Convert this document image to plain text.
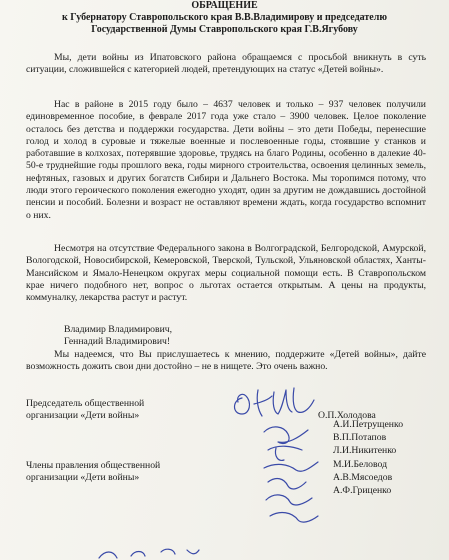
ОБРАЩЕНИЕ
к Губернатору Ставропольского края В.В.Владимирову и председателю
Государственной Думы Ставропольского края Г.В.Ягубову

Мы, дети войны из Ипатовского района обращаемся с просьбой вникнуть в суть ситуации, сложившейся с категорией людей, претендующих на статус «Детей войны».

Нас в районе в 2015 году было – 4637 человек и только – 937 человек получили единовременное пособие, в феврале 2017 года уже стало – 3900 человек. Целое поколение осталось без детства и поддержки государства. Дети войны – это дети Победы, перенесшие голод и холод в суровые и тяжелые военные и послевоенные годы, стоявшие у станков и работавшие в колхозах, потерявшие здоровье, трудясь на благо Родины, особенно в далекие 40-50-е труднейшие годы прошлого века, годы мирного строительства, освоения целинных земель, нефтяных, газовых и других богатств Сибири и Дальнего Востока. Мы торопимся потому, что люди этого героического поколения ежегодно уходят, один за другим не дождавшись достойной пенсии и пособий. Болезни и возраст не оставляют времени ждать, когда государство вспомнит о них.

Несмотря на отсутствие Федерального закона в Волгоградской, Белгородской, Амурской, Вологодской, Новосибирской, Кемеровской, Тверской, Тульской, Ульяновской областях, Ханты-Мансийском и Ямало-Ненецком округах меры социальной помощи есть. В Ставропольском крае ничего подобного нет, вопрос о льготах остается открытым. А цены на продукты, коммуналку, лекарства растут и растут.

Владимир Владимирович,
Геннадий Владимирович!

Мы надеемся, что Вы прислушаетесь к мнению, поддержите «Детей войны», дайте возможность дожить свои дни достойно – не в нищете. Это очень важно.

Председатель общественной
организации «Дети войны»	О.П.Холодова
Члены правления общественной
организации «Дети войны»
А.И.Петрущенко
В.П.Потапов
Л.И.Никитенко
М.И.Беловод
А.В.Мясоедов
А.Ф.Гриценко
